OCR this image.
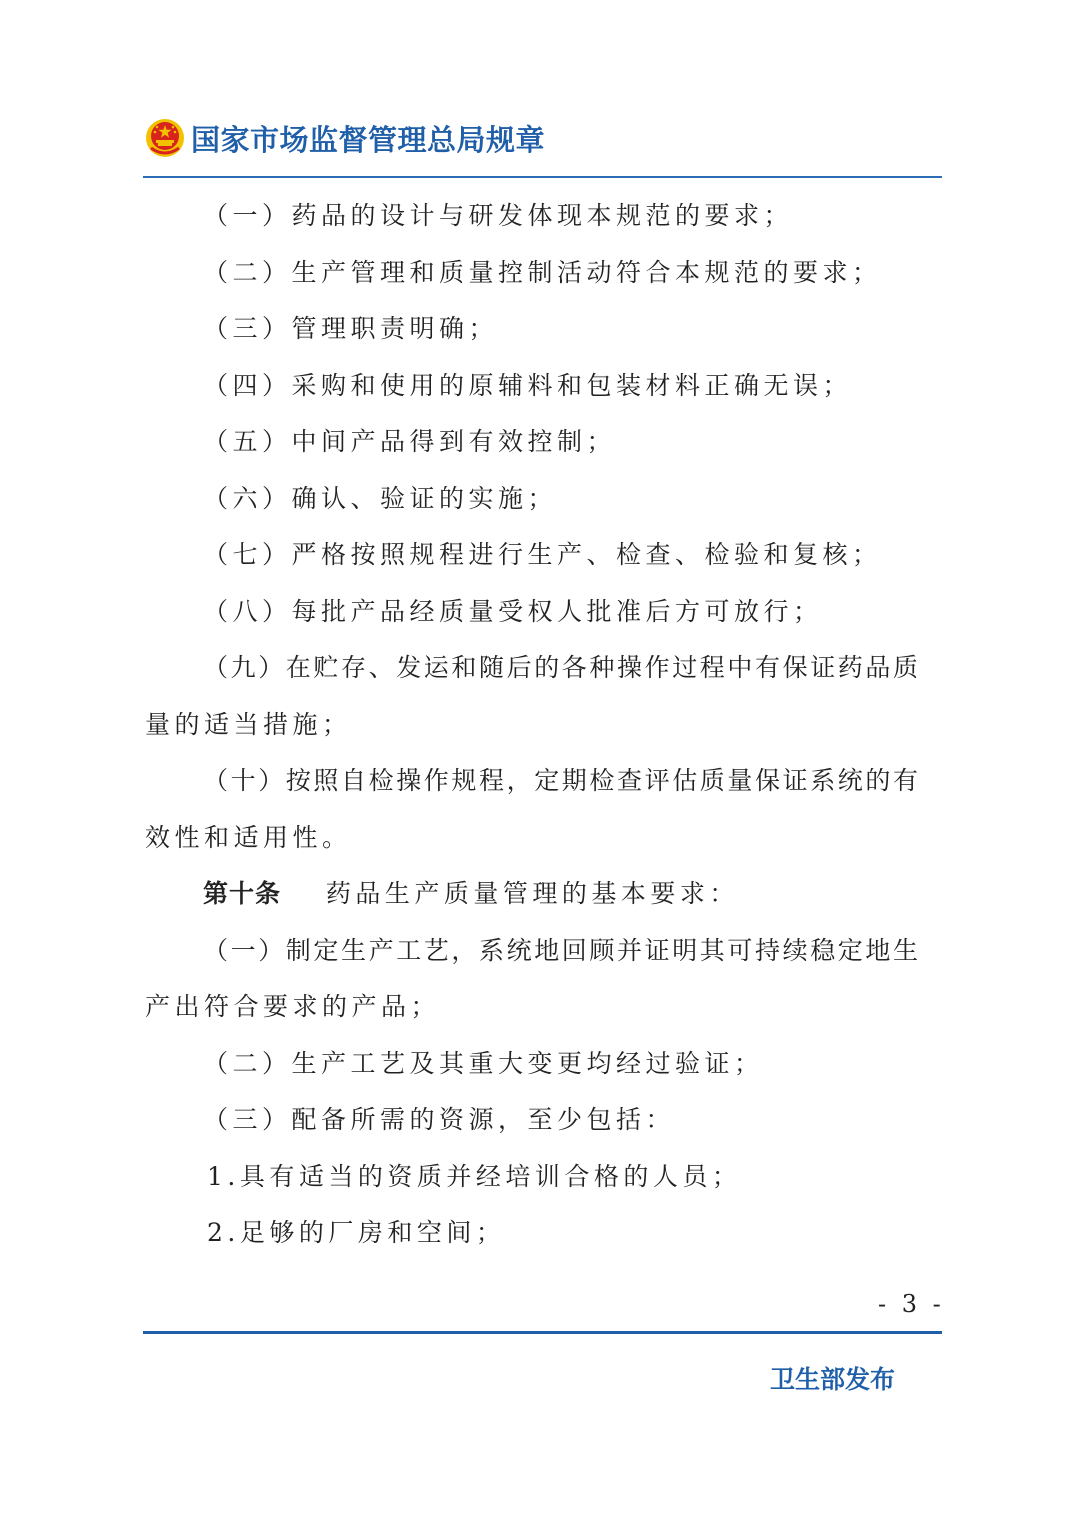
国家市场监督管理总局规章
（一）药品的设计与研发体现本规范的要求；
（二）生产管理和质量控制活动符合本规范的要求；
（三）管理职责明确；
（四）采购和使用的原辅料和包装材料正确无误；
（五）中间产品得到有效控制；
（六）确认、验证的实施；
（七）严格按照规程进行生产、检查、检验和复核；
（八）每批产品经质量受权人批准后方可放行；
（九）在贮存、发运和随后的各种操作过程中有保证药品质
量的适当措施；
（十）按照自检操作规程，定期检查评估质量保证系统的有
效性和适用性。
第十条 药品生产质量管理的基本要求：
（一）制定生产工艺，系统地回顾并证明其可持续稳定地生
产出符合要求的产品；
（二）生产工艺及其重大变更均经过验证；
（三）配备所需的资源，至少包括：
1.具有适当的资质并经培训合格的人员；
2.足够的厂房和空间；
- 3 -
卫生部发布
